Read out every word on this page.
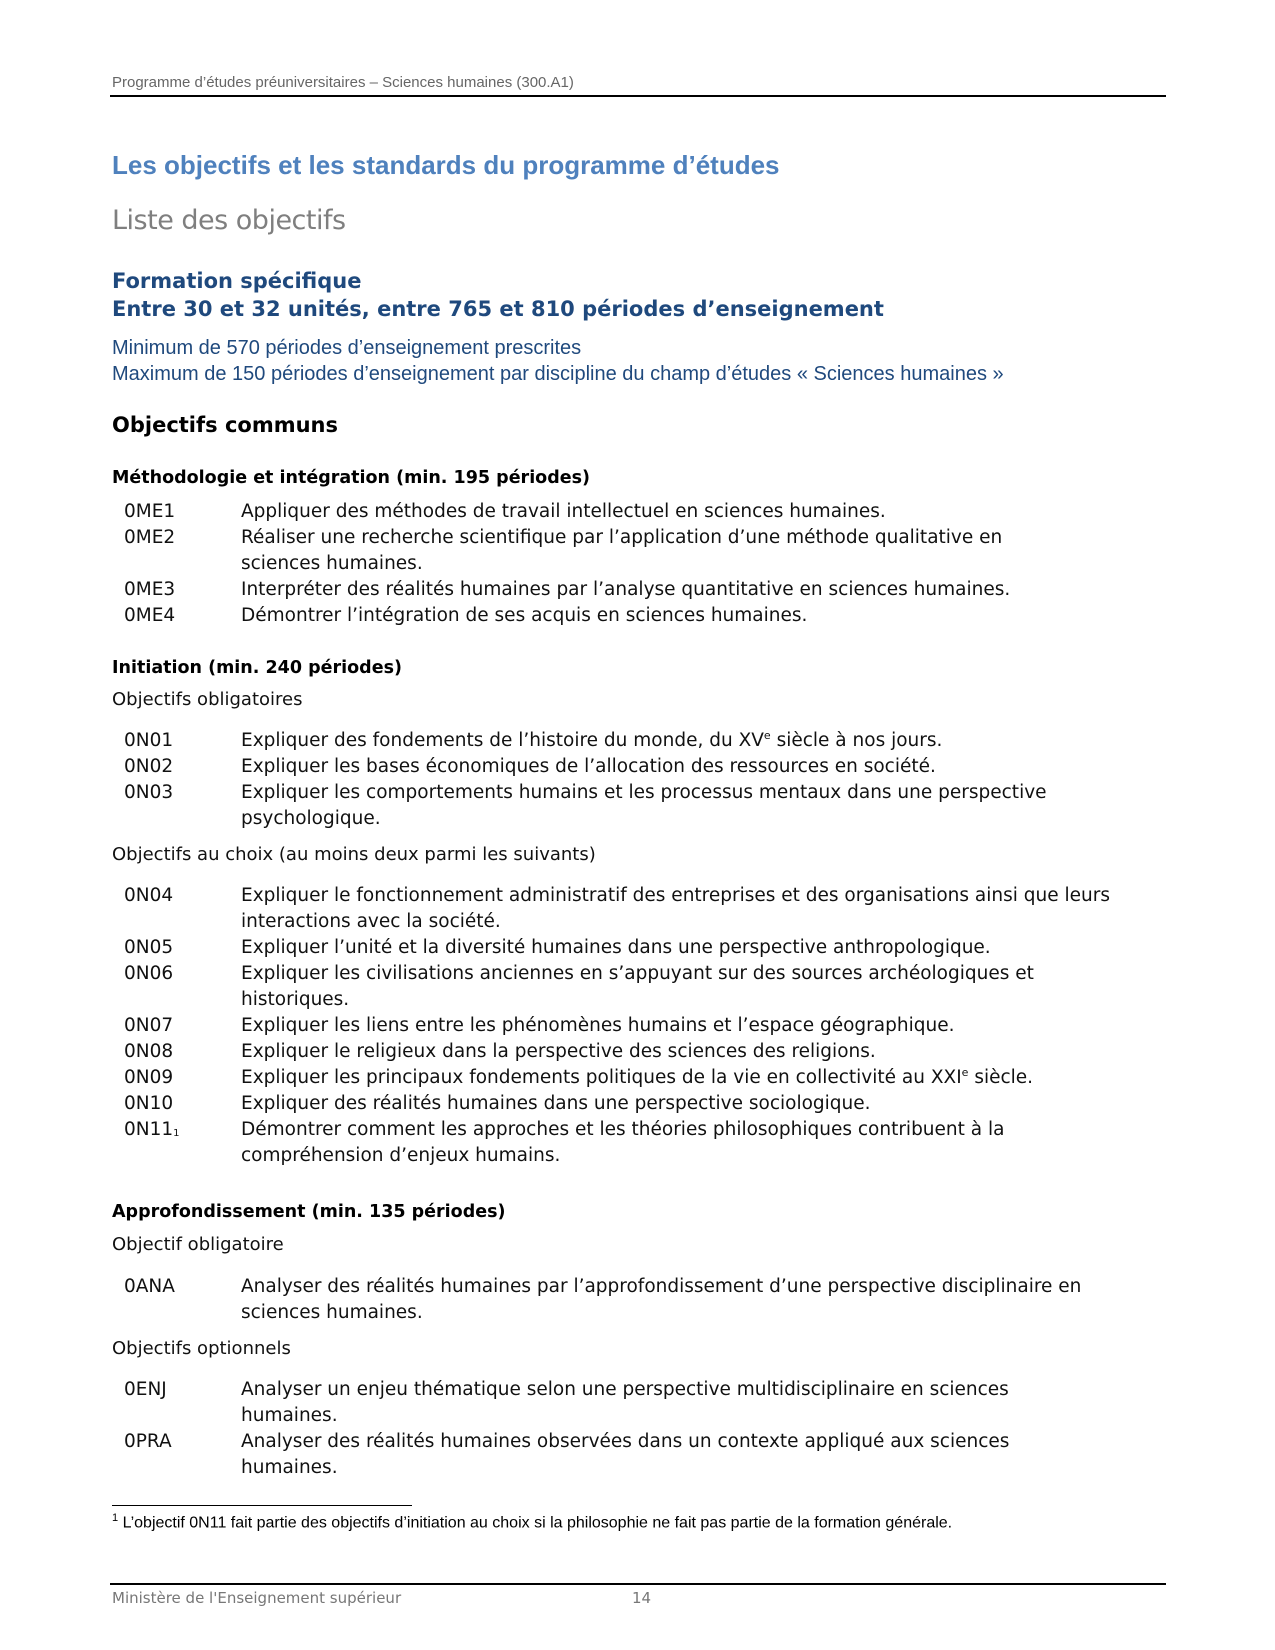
Programme d’études préuniversitaires – Sciences humaines (300.A1)
Les objectifs et les standards du programme d’études
Liste des objectifs
Formation spécifique
Entre 30 et 32 unités, entre 765 et 810 périodes d’enseignement
Minimum de 570 périodes d’enseignement prescrites
Maximum de 150 périodes d’enseignement par discipline du champ d’études « Sciences humaines »
Objectifs communs
Méthodologie et intégration (min. 195 périodes)
0ME1	Appliquer des méthodes de travail intellectuel en sciences humaines.
0ME2	Réaliser une recherche scientifique par l’application d’une méthode qualitative en sciences humaines.
0ME3	Interpréter des réalités humaines par l’analyse quantitative en sciences humaines.
0ME4	Démontrer l’intégration de ses acquis en sciences humaines.
Initiation (min. 240 périodes)
Objectifs obligatoires
0N01	Expliquer des fondements de l’histoire du monde, du XVe siècle à nos jours.
0N02	Expliquer les bases économiques de l’allocation des ressources en société.
0N03	Expliquer les comportements humains et les processus mentaux dans une perspective psychologique.
Objectifs au choix (au moins deux parmi les suivants)
0N04	Expliquer le fonctionnement administratif des entreprises et des organisations ainsi que leurs interactions avec la société.
0N05	Expliquer l’unité et la diversité humaines dans une perspective anthropologique.
0N06	Expliquer les civilisations anciennes en s’appuyant sur des sources archéologiques et historiques.
0N07	Expliquer les liens entre les phénomènes humains et l’espace géographique.
0N08	Expliquer le religieux dans la perspective des sciences des religions.
0N09	Expliquer les principaux fondements politiques de la vie en collectivité au XXIe siècle.
0N10	Expliquer des réalités humaines dans une perspective sociologique.
$0N11^1$	Démontrer comment les approches et les théories philosophiques contribuent à la compréhension d’enjeux humains.
Approfondissement (min. 135 périodes)
Objectif obligatoire
0ANA	Analyser des réalités humaines par l’approfondissement d’une perspective disciplinaire en sciences humaines.
Objectifs optionnels
0ENJ	Analyser un enjeu thématique selon une perspective multidisciplinaire en sciences humaines.
0PRA	Analyser des réalités humaines observées dans un contexte appliqué aux sciences humaines.
$^1$ L’objectif 0N11 fait partie des objectifs d’initiation au choix si la philosophie ne fait pas partie de la formation générale.
Ministère de l'Enseignement supérieur	14
